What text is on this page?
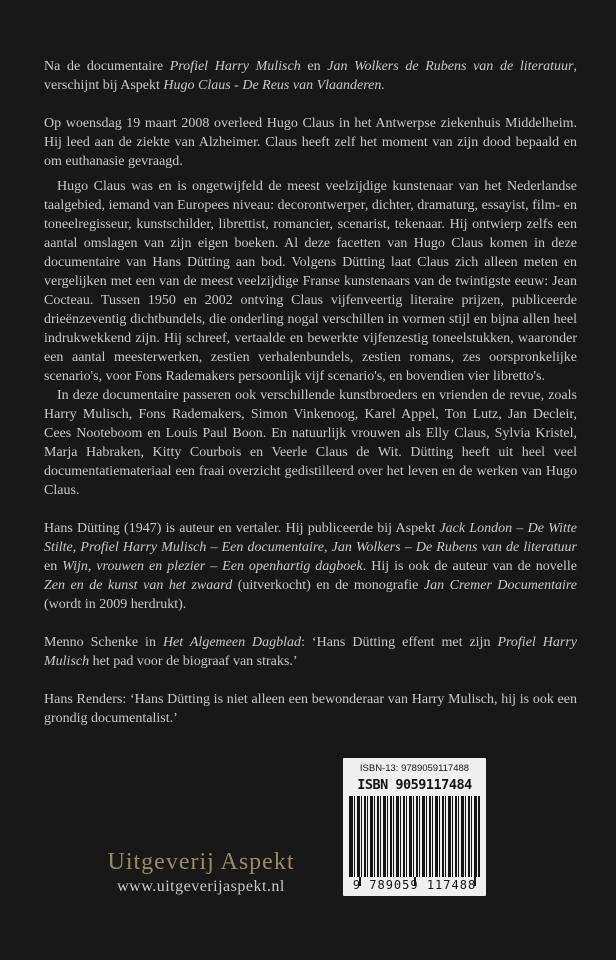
Na de documentaire Profiel Harry Mulisch en Jan Wolkers de Rubens van de literatuur, verschijnt bij Aspekt Hugo Claus - De Reus van Vlaanderen.

Op woensdag 19 maart 2008 overleed Hugo Claus in het Antwerpse ziekenhuis Middelheim. Hij leed aan de ziekte van Alzheimer. Claus heeft zelf het moment van zijn dood bepaald en om euthanasie gevraagd.

Hugo Claus was en is ongetwijfeld de meest veelzijdige kunstenaar van het Nederlandse taalgebied, iemand van Europees niveau: decorontwerper, dichter, dramaturg, essayist, film- en toneelregisseur, kunstschilder, librettist, romancier, scenarist, tekenaar. Hij ontwierp zelfs een aantal omslagen van zijn eigen boeken. Al deze facetten van Hugo Claus komen in deze documentaire van Hans Dütting aan bod. Volgens Dütting laat Claus zich alleen meten en vergelijken met een van de meest veelzijdige Franse kunstenaars van de twintigste eeuw: Jean Cocteau. Tussen 1950 en 2002 ontving Claus vijfenveertig literaire prijzen, publiceerde drieënzeventig dichtbundels, die onderling nogal verschillen in vormen stijl en bijna allen heel indrukwekkend zijn. Hij schreef, vertaalde en bewerkte vijfenzestig toneelstukken, waaronder een aantal meesterwerken, zestien verhalenbundels, zestien romans, zes oorspronkelijke scenario's, voor Fons Rademakers persoonlijk vijf scenario's, en bovendien vier libretto's.

In deze documentaire passeren ook verschillende kunstbroeders en vrienden de revue, zoals Harry Mulisch, Fons Rademakers, Simon Vinkenoog, Karel Appel, Ton Lutz, Jan Decleir, Cees Nooteboom en Louis Paul Boon. En natuurlijk vrouwen als Elly Claus, Sylvia Kristel, Marja Habraken, Kitty Courbois en Veerle Claus de Wit. Dütting heeft uit heel veel documentatiemateriaal een fraai overzicht gedistilleerd over het leven en de werken van Hugo Claus.

Hans Dütting (1947) is auteur en vertaler. Hij publiceerde bij Aspekt Jack London – De Witte Stilte, Profiel Harry Mulisch – Een documentaire, Jan Wolkers – De Rubens van de literatuur en Wijn, vrouwen en plezier – Een openhartig dagboek. Hij is ook de auteur van de novelle Zen en de kunst van het zwaard (uitverkocht) en de monografie Jan Cremer Documentaire (wordt in 2009 herdrukt).

Menno Schenke in Het Algemeen Dagblad: ‘Hans Dütting effent met zijn Profiel Harry Mulisch het pad voor de biograaf van straks.’

Hans Renders: ‘Hans Dütting is niet alleen een bewonderaar van Harry Mulisch, hij is ook een grondig documentalist.’

Uitgeverij Aspekt
www.uitgeverijaspekt.nl
ISBN-13: 9789059117488
ISBN 9059117484
9 789059 117488
